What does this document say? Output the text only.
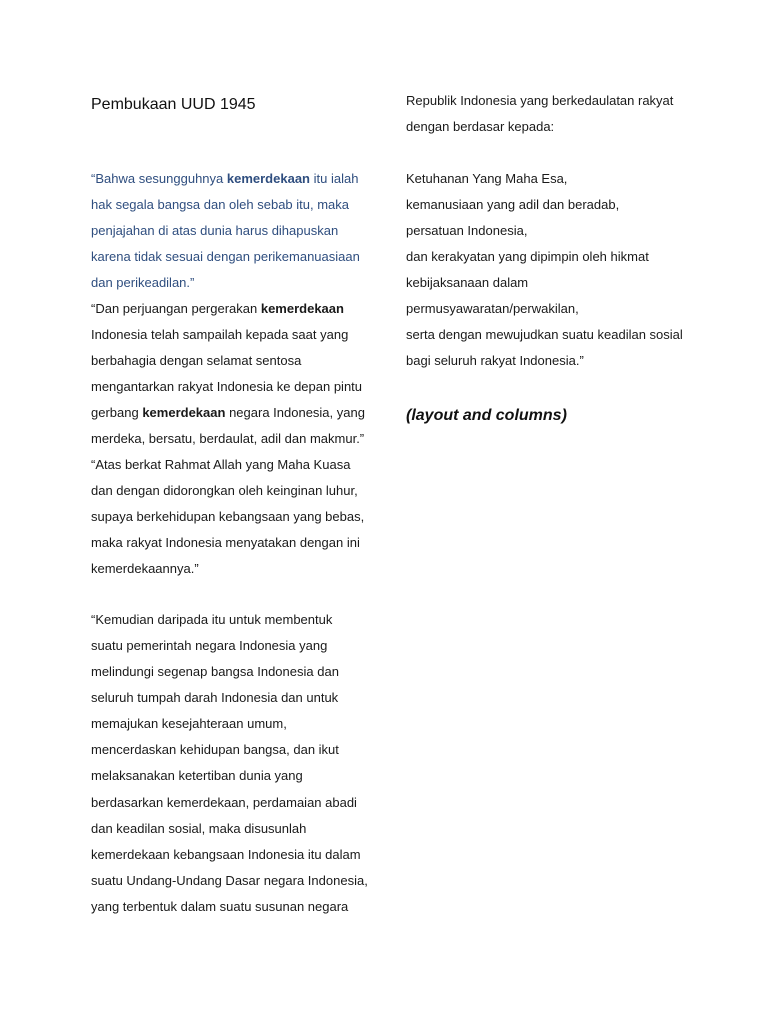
Pembukaan UUD 1945
“Bahwa sesungguhnya kemerdekaan itu ialah
hak segala bangsa dan oleh sebab itu, maka
penjajahan di atas dunia harus dihapuskan
karena tidak sesuai dengan perikemanuasiaan
dan perikeadilan.”
“Dan perjuangan pergerakan kemerdekaan
Indonesia telah sampailah kepada saat yang
berbahagia dengan selamat sentosa
mengantarkan rakyat Indonesia ke depan pintu
gerbang kemerdekaan negara Indonesia, yang
merdeka, bersatu, berdaulat, adil dan makmur.”
“Atas berkat Rahmat Allah yang Maha Kuasa
dan dengan didorongkan oleh keinginan luhur,
supaya berkehidupan kebangsaan yang bebas,
maka rakyat Indonesia menyatakan dengan ini
kemerdekaannya.”
“Kemudian daripada itu untuk membentuk
suatu pemerintah negara Indonesia yang
melindungi segenap bangsa Indonesia dan
seluruh tumpah darah Indonesia dan untuk
memajukan kesejahteraan umum,
mencerdaskan kehidupan bangsa, dan ikut
melaksanakan ketertiban dunia yang
berdasarkan kemerdekaan, perdamaian abadi
dan keadilan sosial, maka disusunlah
kemerdekaan kebangsaan Indonesia itu dalam
suatu Undang-Undang Dasar negara Indonesia,
yang terbentuk dalam suatu susunan negara
Republik Indonesia yang berkedaulatan rakyat
dengan berdasar kepada:
Ketuhanan Yang Maha Esa,
kemanusiaan yang adil dan beradab,
persatuan Indonesia,
dan kerakyatan yang dipimpin oleh hikmat
kebijaksanaan dalam
permusyawaratan/perwakilan,
serta dengan mewujudkan suatu keadilan sosial
bagi seluruh rakyat Indonesia.”
(layout and columns)
